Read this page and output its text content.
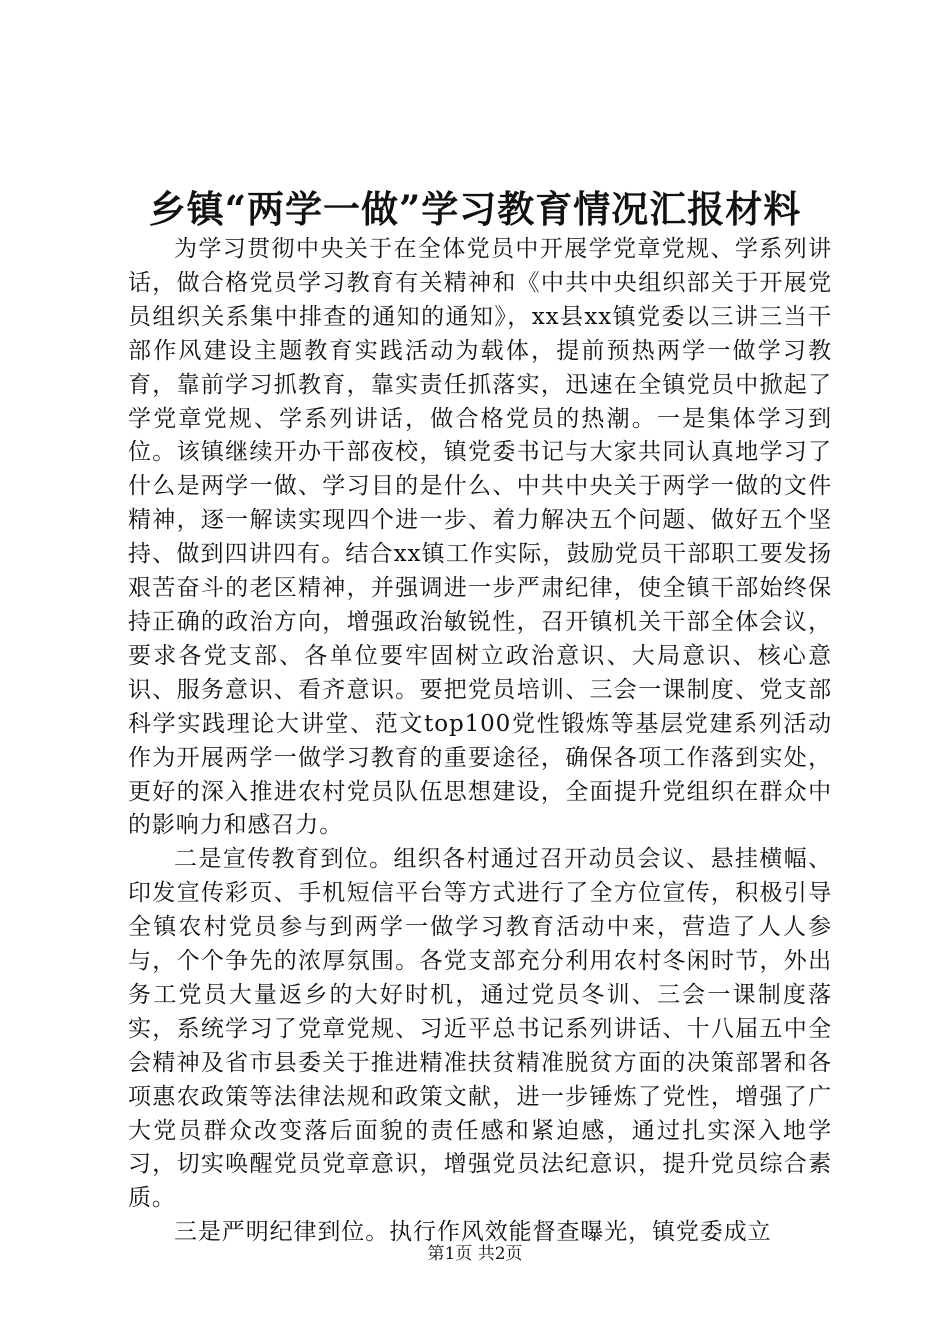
乡镇“两学一做”学习教育情况汇报材料

为学习贯彻中央关于在全体党员中开展学党章党规、学系列讲话，做合格党员学习教育有关精神和《中共中央组织部关于开展党员组织关系集中排查的通知的通知》，xx县xx镇党委以三讲三当干部作风建设主题教育实践活动为载体，提前预热两学一做学习教育，靠前学习抓教育，靠实责任抓落实，迅速在全镇党员中掀起了学党章党规、学系列讲话，做合格党员的热潮。一是集体学习到位。该镇继续开办干部夜校，镇党委书记与大家共同认真地学习了什么是两学一做、学习目的是什么、中共中央关于两学一做的文件精神，逐一解读实现四个进一步、着力解决五个问题、做好五个坚持、做到四讲四有。结合xx镇工作实际，鼓励党员干部职工要发扬艰苦奋斗的老区精神，并强调进一步严肃纪律，使全镇干部始终保持正确的政治方向，增强政治敏锐性，召开镇机关干部全体会议，要求各党支部、各单位要牢固树立政治意识、大局意识、核心意识、服务意识、看齐意识。要把党员培训、三会一课制度、党支部科学实践理论大讲堂、范文top100党性锻炼等基层党建系列活动作为开展两学一做学习教育的重要途径，确保各项工作落到实处，更好的深入推进农村党员队伍思想建设，全面提升党组织在群众中的影响力和感召力。

二是宣传教育到位。组织各村通过召开动员会议、悬挂横幅、印发宣传彩页、手机短信平台等方式进行了全方位宣传，积极引导全镇农村党员参与到两学一做学习教育活动中来，营造了人人参与，个个争先的浓厚氛围。各党支部充分利用农村冬闲时节，外出务工党员大量返乡的大好时机，通过党员冬训、三会一课制度落实，系统学习了党章党规、习近平总书记系列讲话、十八届五中全会精神及省市县委关于推进精准扶贫精准脱贫方面的决策部署和各项惠农政策等法律法规和政策文献，进一步锤炼了党性，增强了广大党员群众改变落后面貌的责任感和紧迫感，通过扎实深入地学习，切实唤醒党员党章意识，增强党员法纪意识，提升党员综合素质。

三是严明纪律到位。执行作风效能督查曝光，镇党委成立

第1页 共2页
